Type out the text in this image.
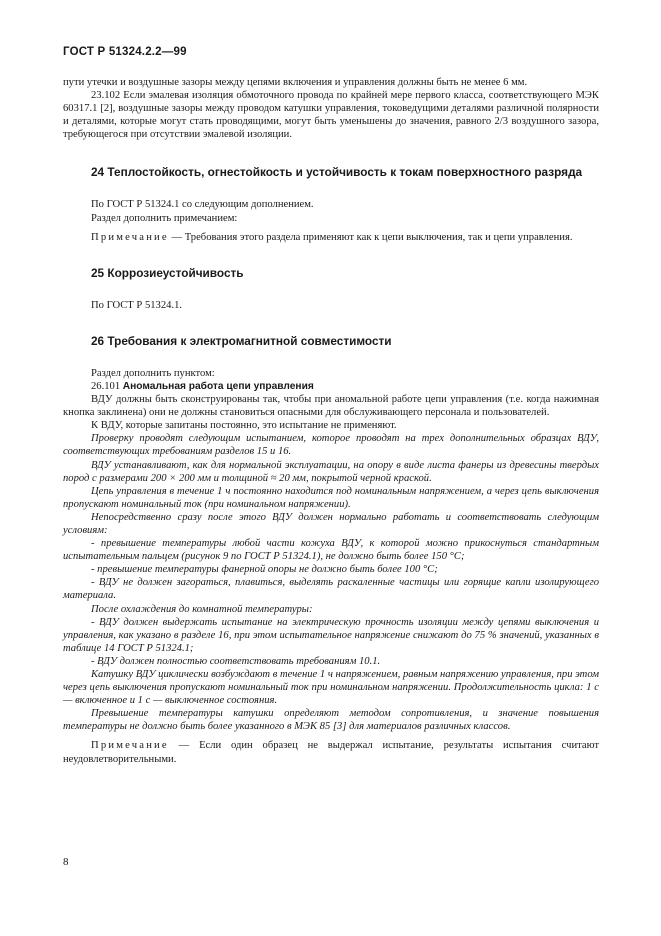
ГОСТ Р 51324.2.2—99

пути утечки и воздушные зазоры между цепями включения и управления должны быть не менее 6 мм.

23.102 Если эмалевая изоляция обмоточного провода по крайней мере первого класса, соответствующего МЭК 60317.1 [2], воздушные зазоры между проводом катушки управления, токоведущими деталями различной полярности и деталями, которые могут стать проводящими, могут быть уменьшены до значения, равного 2/3 воздушного зазора, требующегося при отсутствии эмалевой изоляции.

24 Теплостойкость, огнестойкость и устойчивость к токам поверхностного разряда

По ГОСТ Р 51324.1 со следующим дополнением.

Раздел дополнить примечанием:

Примечание — Требования этого раздела применяют как к цепи выключения, так и цепи управления.

25 Коррозиеустойчивость

По ГОСТ Р 51324.1.

26 Требования к электромагнитной совместимости

Раздел дополнить пунктом:

26.101 Аномальная работа цепи управления

ВДУ должны быть сконструированы так, чтобы при аномальной работе цепи управления (т.е. когда нажимная кнопка заклинена) они не должны становиться опасными для обслуживающего персонала и пользователей.

К ВДУ, которые запитаны постоянно, это испытание не применяют.

Проверку проводят следующим испытанием, которое проводят на трех дополнительных образцах ВДУ, соответствующих требованиям разделов 15 и 16.

ВДУ устанавливают, как для нормальной эксплуатации, на опору в виде листа фанеры из древесины твердых пород с размерами 200 × 200 мм и толщиной ≈ 20 мм, покрытой черной краской.

Цепь управления в течение 1 ч постоянно находится под номинальным напряжением, а через цепь выключения пропускают номинальный ток (при номинальном напряжении).

Непосредственно сразу после этого ВДУ должен нормально работать и соответствовать следующим условиям:

- превышение температуры любой части кожуха ВДУ, к которой можно прикоснуться стандартным испытательным пальцем (рисунок 9 по ГОСТ Р 51324.1), не должно быть более 150 °С;

- превышение температуры фанерной опоры не должно быть более 100 °С;

- ВДУ не должен загораться, плавиться, выделять раскаленные частицы или горящие капли изолирующего материала.

После охлаждения до комнатной температуры:

- ВДУ должен выдержать испытание на электрическую прочность изоляции между цепями выключения и управления, как указано в разделе 16, при этом испытательное напряжение снижают до 75 % значений, указанных в таблице 14 ГОСТ Р 51324.1;

- ВДУ должен полностью соответствовать требованиям 10.1.

Катушку ВДУ циклически возбуждают в течение 1 ч напряжением, равным напряжению управления, при этом через цепь выключения пропускают номинальный ток при номинальном напряжении. Продолжительность цикла: 1 с — включенное и 1 с — выключенное состояния.

Превышение температуры катушки определяют методом сопротивления, и значение повышения температуры не должно быть более указанного в МЭК 85 [3] для материалов различных классов.

Примечание — Если один образец не выдержал испытание, результаты испытания считают неудовлетворительными.

8
